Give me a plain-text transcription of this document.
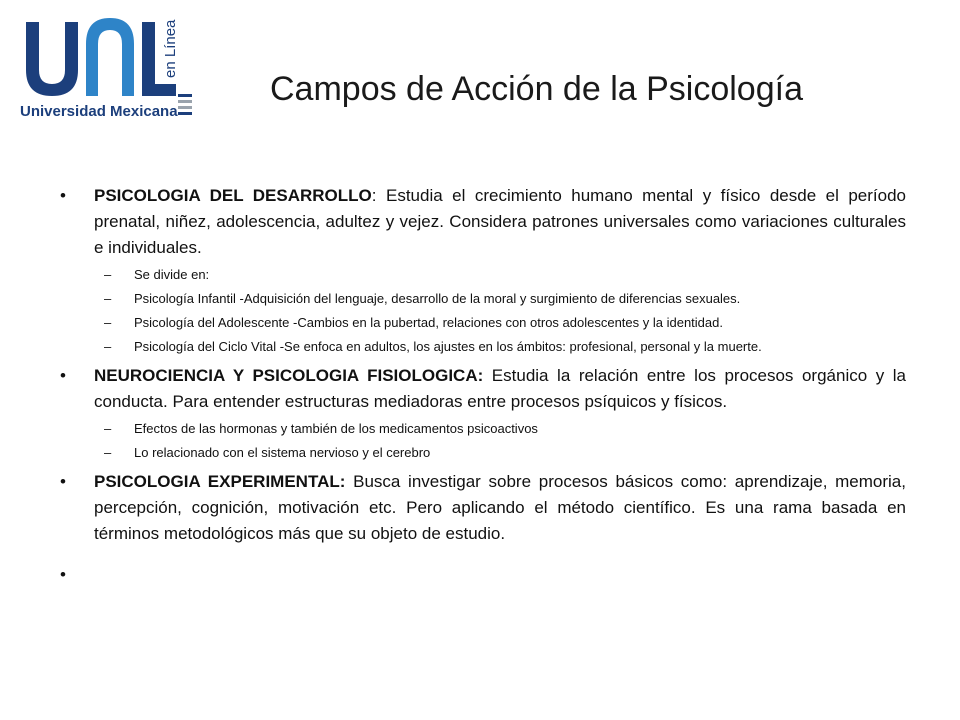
en Línea
Universidad Mexicana
Campos de Acción de la Psicología
• PSICOLOGIA DEL DESARROLLO: Estudia el crecimiento humano mental y físico desde el período prenatal, niñez, adolescencia, adultez y vejez. Considera patrones universales como variaciones culturales e individuales.
– Se divide en:
– Psicología Infantil -Adquisición del lenguaje, desarrollo de la moral y surgimiento de diferencias sexuales.
– Psicología del Adolescente -Cambios en la pubertad, relaciones con otros adolescentes y la identidad.
– Psicología del Ciclo Vital -Se enfoca en adultos, los ajustes en los ámbitos: profesional, personal y la muerte.
• NEUROCIENCIA Y PSICOLOGIA FISIOLOGICA: Estudia la relación entre los procesos orgánico y la conducta. Para entender estructuras mediadoras entre procesos psíquicos y físicos.
– Efectos de las hormonas y también de los medicamentos psicoactivos
– Lo relacionado con el sistema nervioso y el cerebro
• PSICOLOGIA EXPERIMENTAL: Busca investigar sobre procesos básicos como: aprendizaje, memoria, percepción, cognición, motivación etc. Pero aplicando el método científico. Es una rama basada en términos metodológicos más que su objeto de estudio.
•
